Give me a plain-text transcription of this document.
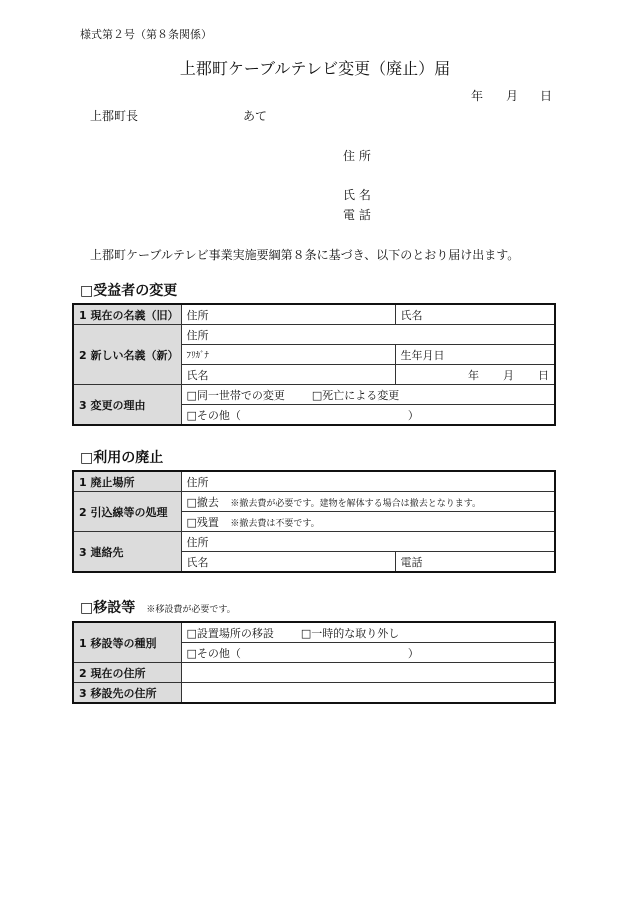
様式第２号（第８条関係）
上郡町ケーブルテレビ変更（廃止）届
年 月 日
上郡町長	あて
住 所
氏 名
電 話
上郡町ケーブルテレビ事業実施要綱第８条に基づき、以下のとおり届け出ます。
□受益者の変更
1 現在の名義（旧）	住所	氏名
2 新しい名義（新）	住所	
	ﾌﾘｶﾞﾅ	生年月日
	氏名	年 月 日

3 変更の理由	□同一世帯での変更 □死亡による変更	
	□その他（ ）	
□利用の廃止
1 廃止場所	住所	
2 引込線等の処理	□撤去 ※撤去費が必要です。建物を解体する場合は撤去となります。	
	□残置 ※撤去費は不要です。	
3 連絡先	住所	
	氏名	電話
□移設等 ※移設費が必要です。
1 移設等の種別	□設置場所の移設 □一時的な取り外し
	□その他（ ）
2 現在の住所	
3 移設先の住所	
